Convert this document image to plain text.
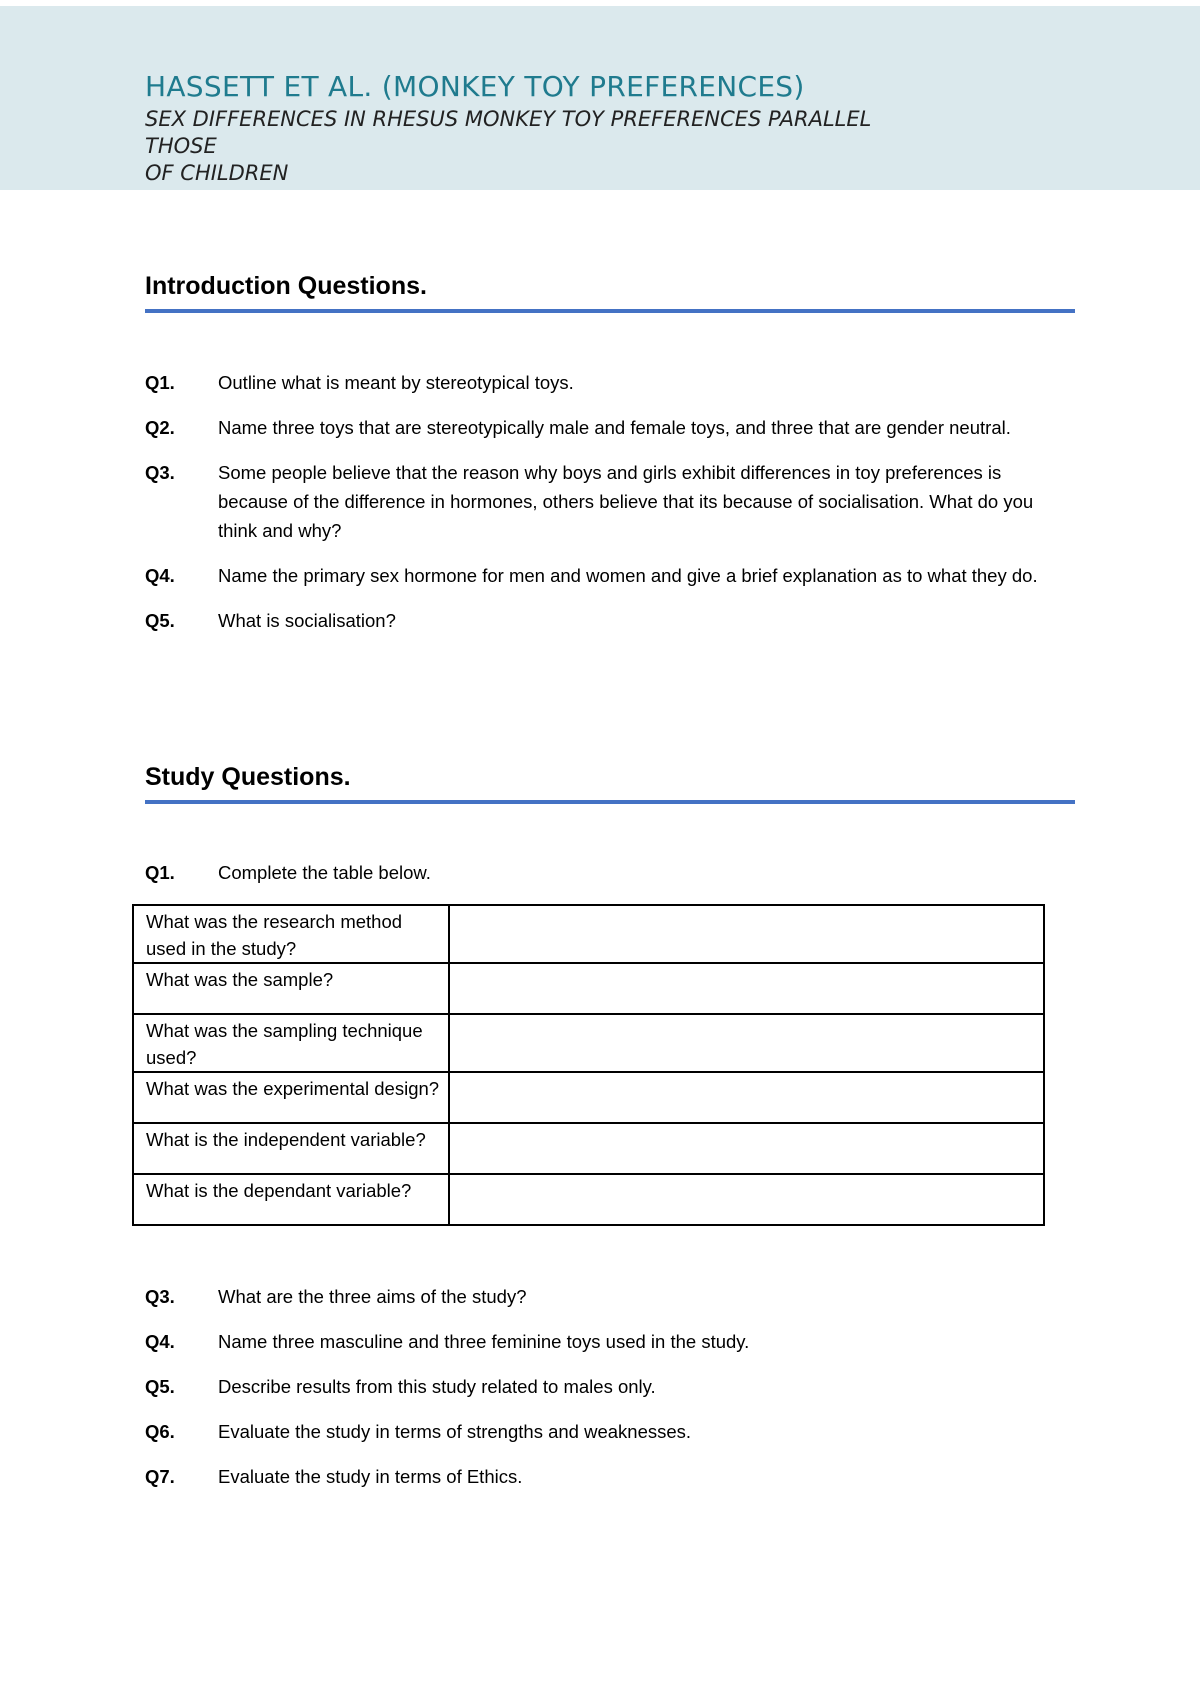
HASSETT ET AL. (MONKEY TOY PREFERENCES)
SEX DIFFERENCES IN RHESUS MONKEY TOY PREFERENCES PARALLEL
THOSE
OF CHILDREN
Introduction Questions.
Q1.	Outline what is meant by stereotypical toys.
Q2.	Name three toys that are stereotypically male and female toys, and three that are gender neutral.
Q3.	Some people believe that the reason why boys and girls exhibit differences in toy preferences is because of the difference in hormones, others believe that its because of socialisation. What do you think and why?
Q4.	Name the primary sex hormone for men and women and give a brief explanation as to what they do.
Q5.	What is socialisation?
Study Questions.
Q1.	Complete the table below.
What was the research method used in the study?	
What was the sample?	
What was the sampling technique used?	
What was the experimental design?	
What is the independent variable?	
What is the dependant variable?	
Q3.	What are the three aims of the study?
Q4.	Name three masculine and three feminine toys used in the study.
Q5.	Describe results from this study related to males only.
Q6.	Evaluate the study in terms of strengths and weaknesses.
Q7.	Evaluate the study in terms of Ethics.
